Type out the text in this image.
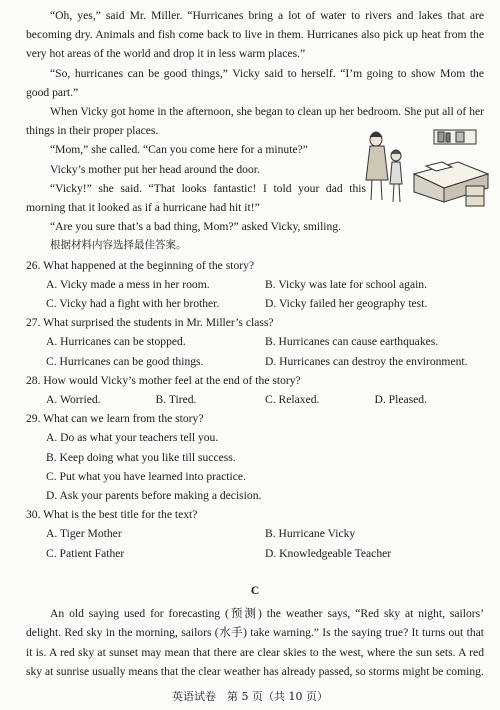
“Oh, yes,” said Mr. Miller. “Hurricanes bring a lot of water to rivers and lakes that are becoming dry. Animals and fish come back to live in them. Hurricanes also pick up heat from the very hot areas of the world and drop it in less warm places.”

“So, hurricanes can be good things,” Vicky said to herself. “I’m going to show Mom the good part.”

When Vicky got home in the afternoon, she began to clean up her bedroom. She put all of her things in their proper places.

“Mom,” she called. “Can you come here for a minute?”

Vicky’s mother put her head around the door.

“Vicky!” she said. “That looks fantastic! I told your dad this morning that it looked as if a hurricane had hit it!”

“Are you sure that’s a bad thing, Mom?” asked Vicky, smiling.

根据材料内容选择最佳答案。

26. What happened at the beginning of the story?

A. Vicky made a mess in her room.	B. Vicky was late for school again.
C. Vicky had a fight with her brother.	D. Vicky failed her geography test.

27. What surprised the students in Mr. Miller’s class?

A. Hurricanes can be stopped.	B. Hurricanes can cause earthquakes.
C. Hurricanes can be good things.	D. Hurricanes can destroy the environment.

28. How would Vicky’s mother feel at the end of the story?

A. Worried.	B. Tired.	C. Relaxed.	D. Pleased.

29. What can we learn from the story?

A. Do as what your teachers tell you.

B. Keep doing what you like till success.

C. Put what you have learned into practice.

D. Ask your parents before making a decision.

30. What is the best title for the text?

A. Tiger Mother	B. Hurricane Vicky
C. Patient Father	D. Knowledgeable Teacher

C

An old saying used for forecasting (预测) the weather says, “Red sky at night, sailors’ delight. Red sky in the morning, sailors (水手) take warning.” Is the saying true? It turns out that it is. A red sky at sunset may mean that there are clear skies to the west, where the sun sets. A red sky at sunrise usually means that the clear weather has already passed, so storms might be coming.

英语试卷　第 5 页（共 10 页）
